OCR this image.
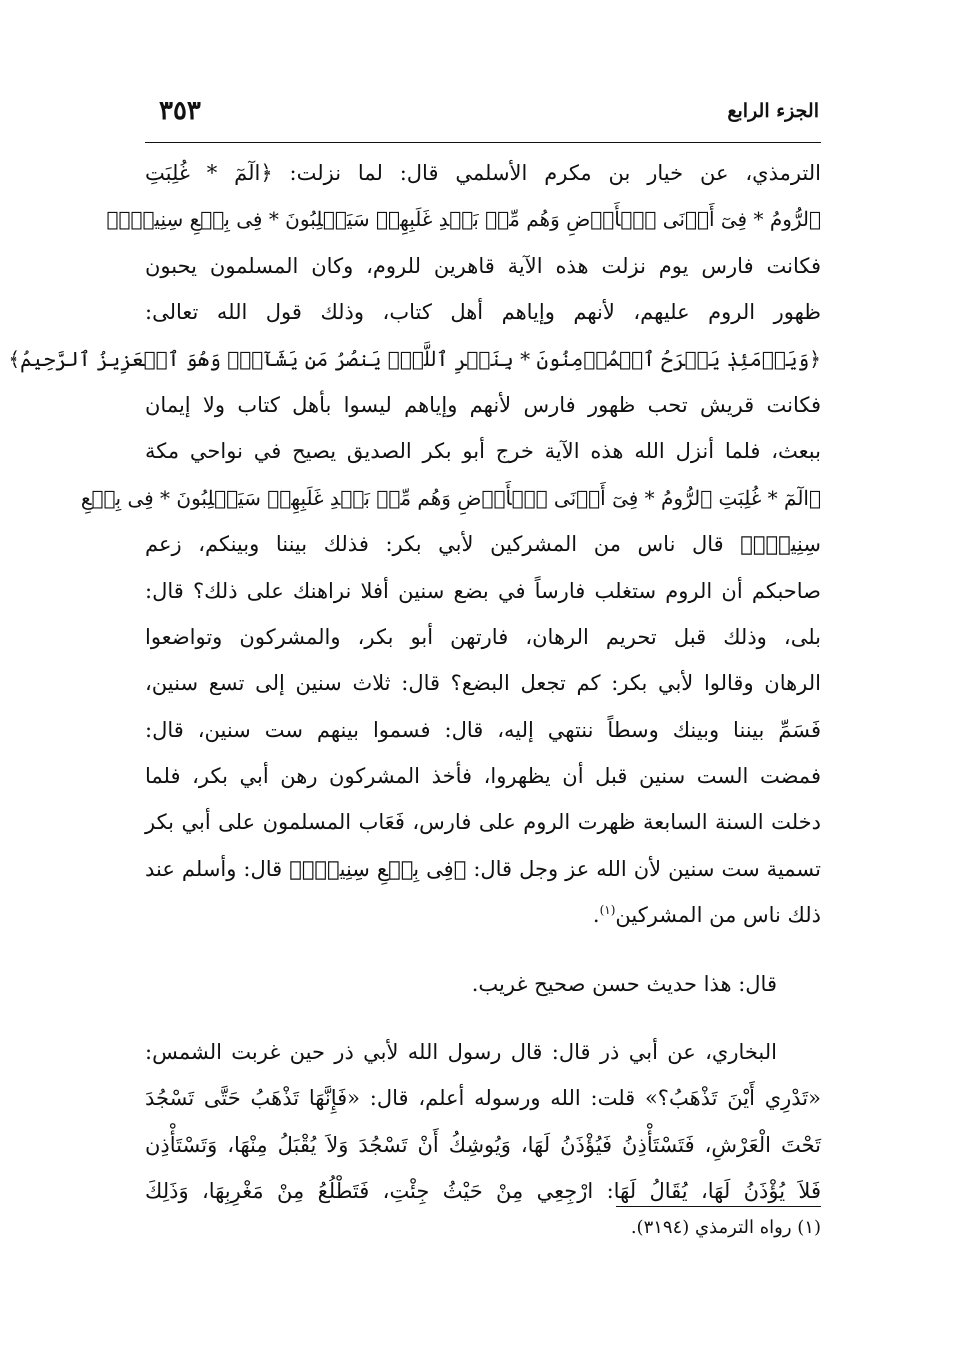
٣٥٣	الجزء الرابع
الترمذي، عن خيار بن مكرم الأسلمي قال: لما نزلت: ﴿الٓمٓ * غُلِبَتِ
ٱلرُّومُ * فِىٓ أَدۡنَى ٱلۡأَرۡضِ وَهُم مِّنۢ بَعۡدِ غَلَبِهِمۡ سَيَغۡلِبُونَ * فِى بِضۡعِ سِنِينَۗ﴾
فكانت فارس يوم نزلت هذه الآية قاهرين للروم، وكان المسلمون يحبون
ظهور الروم عليهم، لأنهم وإياهم أهل كتاب، وذلك قول الله تعالى:
﴿وَيَوۡمَئِذٖ يَفۡرَحُ ٱلۡمُؤۡمِنُونَ * بِنَصۡرِ ٱللَّهِۚ يَنصُرُ مَن يَشَآءُۖ وَهُوَ ٱلۡعَزِيزُ ٱلرَّحِيمُ﴾
فكانت قريش تحب ظهور فارس لأنهم وإياهم ليسوا بأهل كتاب ولا إيمان
ببعث، فلما أنزل الله هذه الآية خرج أبو بكر الصديق يصيح في نواحي مكة
﴿الٓمٓ * غُلِبَتِ ٱلرُّومُ * فِىٓ أَدۡنَى ٱلۡأَرۡضِ وَهُم مِّنۢ بَعۡدِ غَلَبِهِمۡ سَيَغۡلِبُونَ * فِى بِضۡعِ
سِنِينَۗ﴾ قال ناس من المشركين لأبي بكر: فذلك بيننا وبينكم، زعم
صاحبكم أن الروم ستغلب فارساً في بضع سنين أفلا نراهنك على ذلك؟ قال:
بلى، وذلك قبل تحريم الرهان، فارتهن أبو بكر، والمشركون وتواضعوا
الرهان وقالوا لأبي بكر: كم تجعل البضع؟ قال: ثلاث سنين إلى تسع سنين،
فَسَمِّ بيننا وبينك وسطاً ننتهي إليه، قال: فسموا بينهم ست سنين، قال:
فمضت الست سنين قبل أن يظهروا، فأخذ المشركون رهن أبي بكر، فلما
دخلت السنة السابعة ظهرت الروم على فارس، فَعَاب المسلمون على أبي بكر
تسمية ست سنين لأن الله عز وجل قال: ﴿فِى بِضۡعِ سِنِينَۗ﴾ قال: وأسلم عند
ذلك ناس من المشركين$^{(١)}$.
قال: هذا حديث حسن صحيح غريب.
البخاري، عن أبي ذر قال: قال رسول الله لأبي ذر حين غربت الشمس:
«تَدْرِي أَيْنَ تَذْهَبُ؟» قلت: الله ورسوله أعلم، قال: «فَإِنَّهَا تَذْهَبُ حَتَّى تَسْجُدَ
تَحْتَ الْعَرْشِ، فَتَسْتَأْذِنُ فَيُؤْذَنُ لَهَا، وَيُوشِكُ أَنْ تَسْجُدَ وَلاَ يُقْبَلُ مِنْهَا، وَتَسْتَأْذِن
فَلاَ يُؤْذَنُ لَهَا، يُقَالُ لَهَا: ارْجِعِي مِنْ حَيْثُ جِئْتِ، فَتَطْلُعُ مِنْ مَغْرِبِهَا، وَذَلِكَ
(١) رواه الترمذي (٣١٩٤).
